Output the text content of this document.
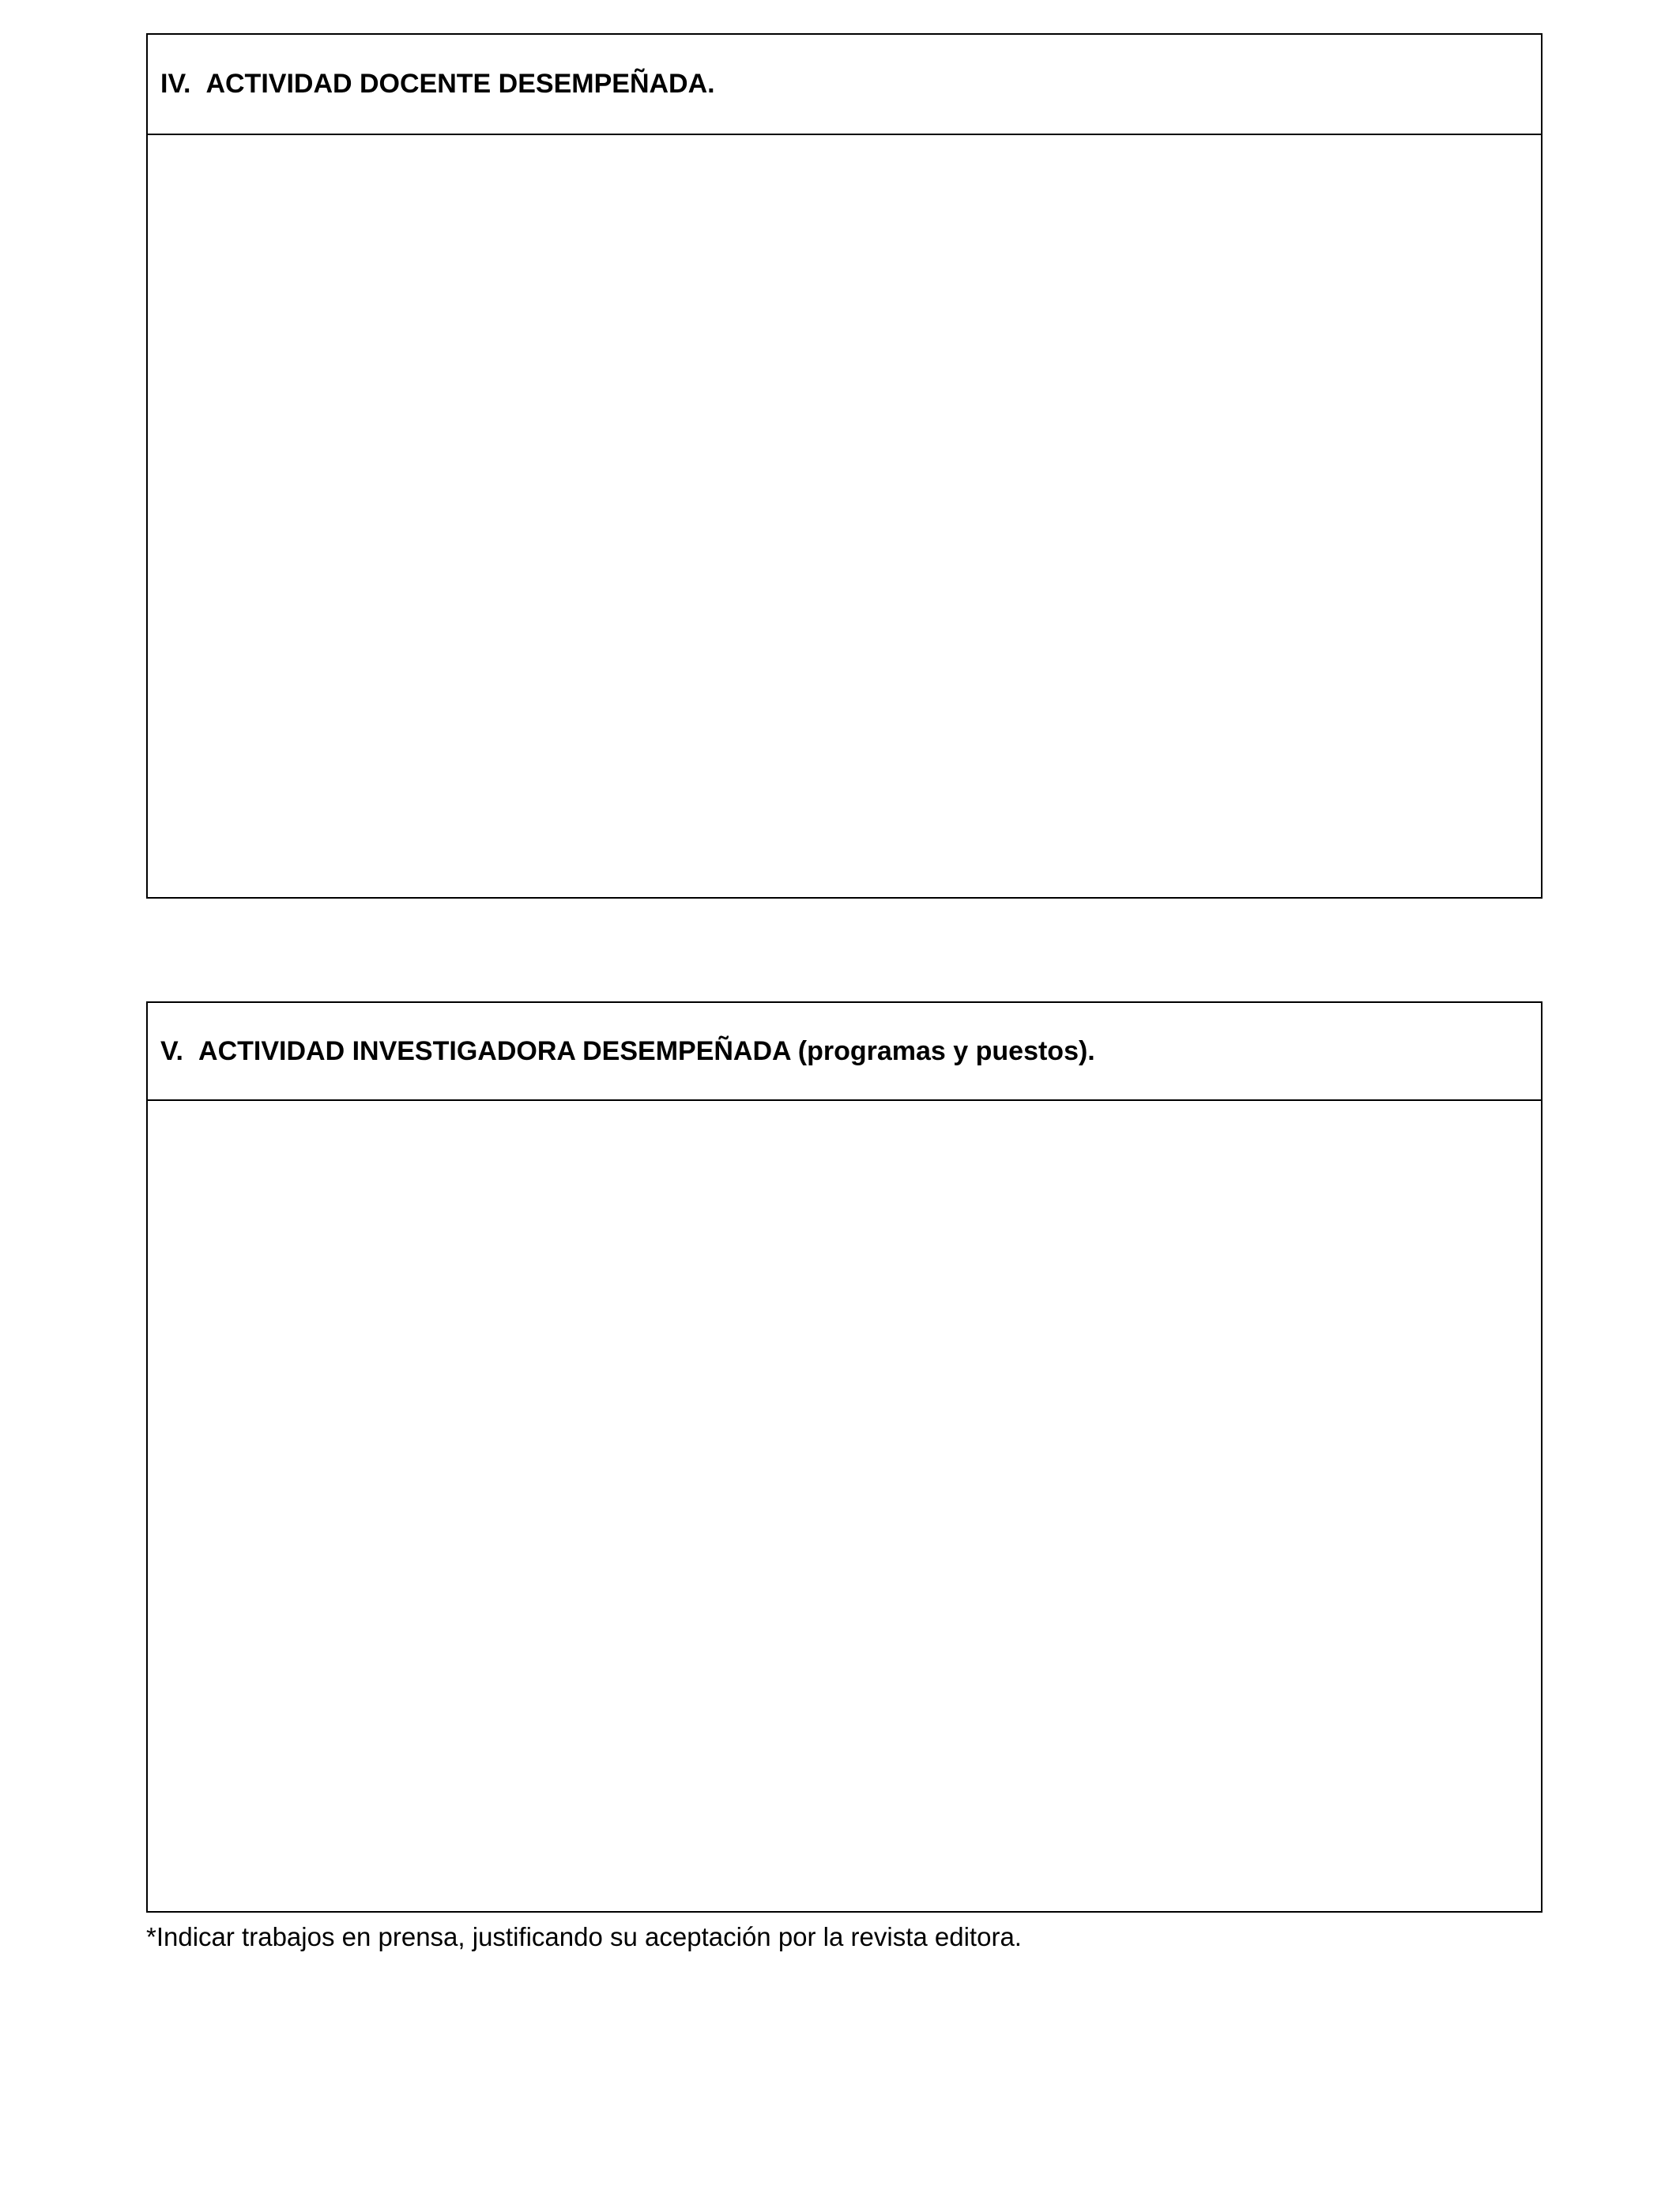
IV. ACTIVIDAD DOCENTE DESEMPEÑADA.
V. ACTIVIDAD INVESTIGADORA DESEMPEÑADA (programas y puestos).
*Indicar trabajos en prensa, justificando su aceptación por la revista editora.
